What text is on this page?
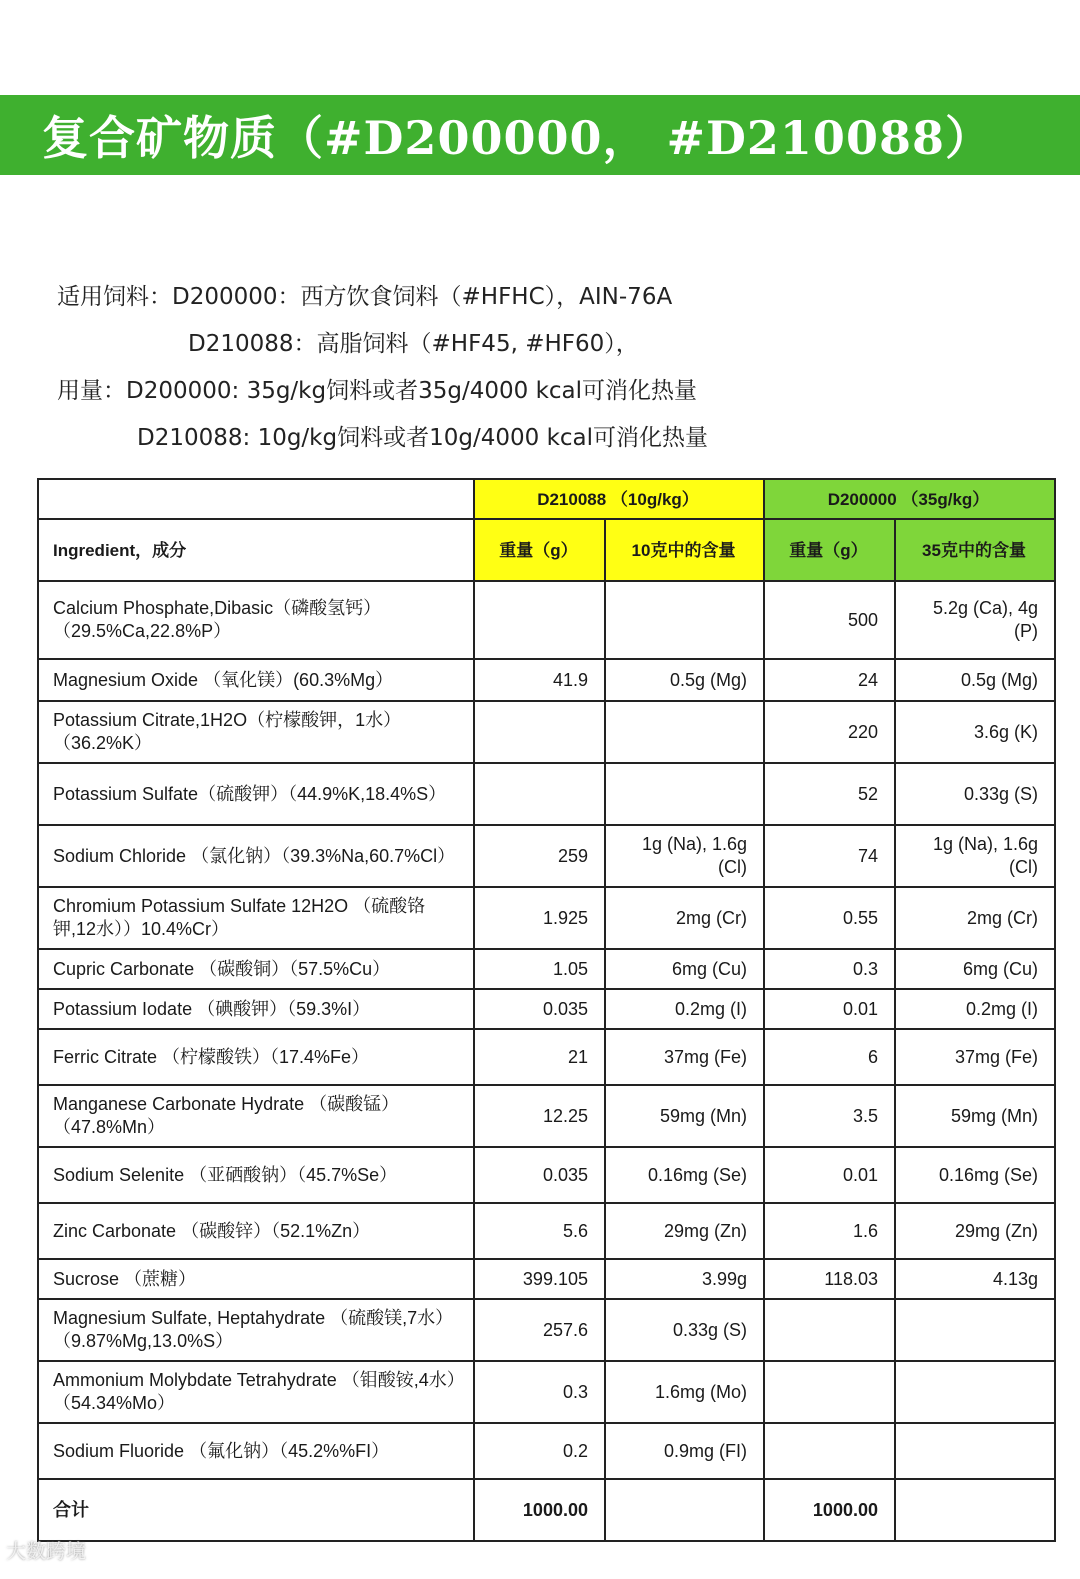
复合矿物质（#D200000， #D210088）
适用饲料：D200000：西方饮食饲料（#HFHC），AIN-76A
D210088：高脂饲料（#HF45, #HF60），
用量：D200000: 35g/kg饲料或者35g/4000 kcal可消化热量
D210088: 10g/kg饲料或者10g/4000 kcal可消化热量
	D210088 （10g/kg）		D200000 （35g/kg）	
Ingredient，成分	重量（g）	10克中的含量	重量（g）	35克中的含量
Calcium Phosphate,Dibasic（磷酸氢钙）（29.5%Ca,22.8%P）			500	5.2g (Ca), 4g (P)
Magnesium Oxide （氧化镁）(60.3%Mg）	41.9	0.5g (Mg)	24	0.5g (Mg)
Potassium Citrate,1H2O（柠檬酸钾，1水）（36.2%K）			220	3.6g (K)
Potassium Sulfate（硫酸钾）（44.9%K,18.4%S）			52	0.33g (S)
Sodium Chloride （氯化钠）（39.3%Na,60.7%Cl）	259	1g (Na), 1.6g (Cl)	74	1g (Na), 1.6g (Cl)
Chromium Potassium Sulfate 12H2O （硫酸铬钾,12水））10.4%Cr）	1.925	2mg (Cr)	0.55	2mg (Cr)
Cupric Carbonate （碳酸铜）（57.5%Cu）	1.05	6mg (Cu)	0.3	6mg (Cu)
Potassium Iodate （碘酸钾）（59.3%I）	0.035	0.2mg (I)	0.01	0.2mg (I)
Ferric Citrate （柠檬酸铁）（17.4%Fe）	21	37mg (Fe)	6	37mg (Fe)
Manganese Carbonate Hydrate （碳酸锰）（47.8%Mn）	12.25	59mg (Mn)	3.5	59mg (Mn)
Sodium Selenite （亚硒酸钠）（45.7%Se）	0.035	0.16mg (Se)	0.01	0.16mg (Se)
Zinc Carbonate （碳酸锌）（52.1%Zn）	5.6	29mg (Zn)	1.6	29mg (Zn)
Sucrose （蔗糖）	399.105	3.99g	118.03	4.13g
Magnesium Sulfate, Heptahydrate （硫酸镁,7水）（9.87%Mg,13.0%S）	257.6	0.33g (S)		
Ammonium Molybdate Tetrahydrate （钼酸铵,4水）（54.34%Mo）	0.3	1.6mg (Mo)		
Sodium Fluoride （氟化钠）（45.2%%FI）	0.2	0.9mg (FI)		
合计	1000.00		1000.00	
大数跨境
